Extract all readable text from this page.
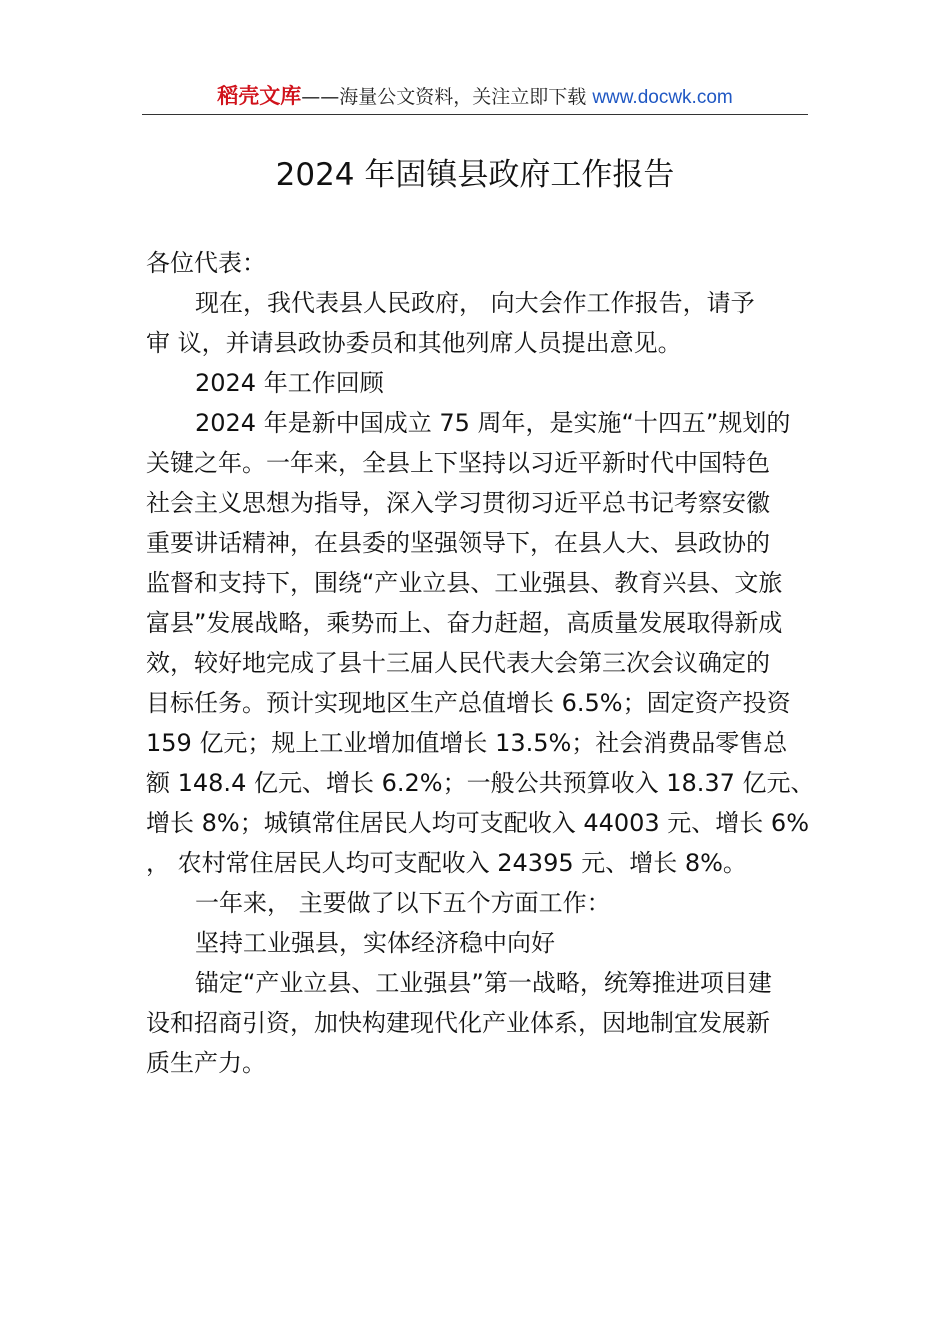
稻壳文库——海量公文资料，关注立即下载 www.docwk.com
2024 年固镇县政府工作报告

各位代表：

现在，我代表县人民政府， 向大会作工作报告，请予

审 议，并请县政协委员和其他列席人员提出意见。

2024 年工作回顾

2024 年是新中国成立 75 周年，是实施“十四五”规划的
关键之年。一年来，全县上下坚持以习近平新时代中国特色
社会主义思想为指导，深入学习贯彻习近平总书记考察安徽
重要讲话精神，在县委的坚强领导下，在县人大、县政协的
监督和支持下，围绕“产业立县、工业强县、教育兴县、文旅
富县”发展战略，乘势而上、奋力赶超，高质量发展取得新成
效，较好地完成了县十三届人民代表大会第三次会议确定的
目标任务。预计实现地区生产总值增长 6.5%；固定资产投资
159 亿元；规上工业增加值增长 13.5%；社会消费品零售总
额 148.4 亿元、增长 6.2%；一般公共预算收入 18.37 亿元、
增长 8%；城镇常住居民人均可支配收入 44003 元、增长 6%
， 农村常住居民人均可支配收入 24395 元、增长 8%。

一年来， 主要做了以下五个方面工作：

坚持工业强县，实体经济稳中向好

锚定“产业立县、工业强县”第一战略，统筹推进项目建
设和招商引资，加快构建现代化产业体系，因地制宜发展新
质生产力。
